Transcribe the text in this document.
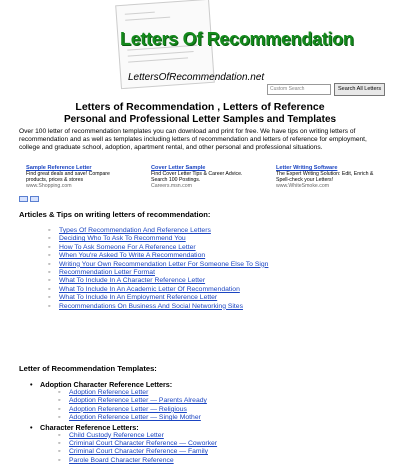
Letters Of Recommendation
LettersOfRecommendation.net
Custom Search	Search All Letters
Letters of Recommendation , Letters of Reference
Personal and Professional Letter Samples and Templates
Over 100 letter of recommendation templates you can download and print for free. We have tips on writing letters of recommendation and as well as templates including letters of recommendation and letters of reference for employment, college and graduate school, adoption, apartment rental, and other personal and professional situations.
Sample Reference Letter
Find great deals and save! Compare products, prices & stores
www.Shopping.com
Cover Letter Sample
Find Cover Letter Tips & Career Advice. Search 100 Postings.
Careers.msn.com
Letter Writing Software
The Expert Writing Solution: Edit, Enrich & Spell-check your Letters!
www.WhiteSmoke.com
Articles & Tips on writing letters of recommendation:
◦ Types Of Recommendation And Reference Letters
◦ Deciding Who To Ask To Recommend You
◦ How To Ask Someone For A Reference Letter
◦ When You're Asked To Write A Recommendation
◦ Writing Your Own Recommendation Letter For Someone Else To Sign
◦ Recommendation Letter Format
◦ What To Include In A Character Reference Letter
◦ What To Include In An Academic Letter Of Recommendation
◦ What To Include In An Employment Reference Letter
◦ Recommendations On Business And Social Networking Sites
Letter of Recommendation Templates:
• Adoption Character Reference Letters:
◦ Adoption Reference Letter
◦ Adoption Reference Letter — Parents Already
◦ Adoption Reference Letter — Religious
◦ Adoption Reference Letter — Single Mother
• Character Reference Letters:
◦ Child Custody Reference Letter
◦ Criminal Court Character Reference — Coworker
◦ Criminal Court Character Reference — Family
◦ Parole Board Character Reference
